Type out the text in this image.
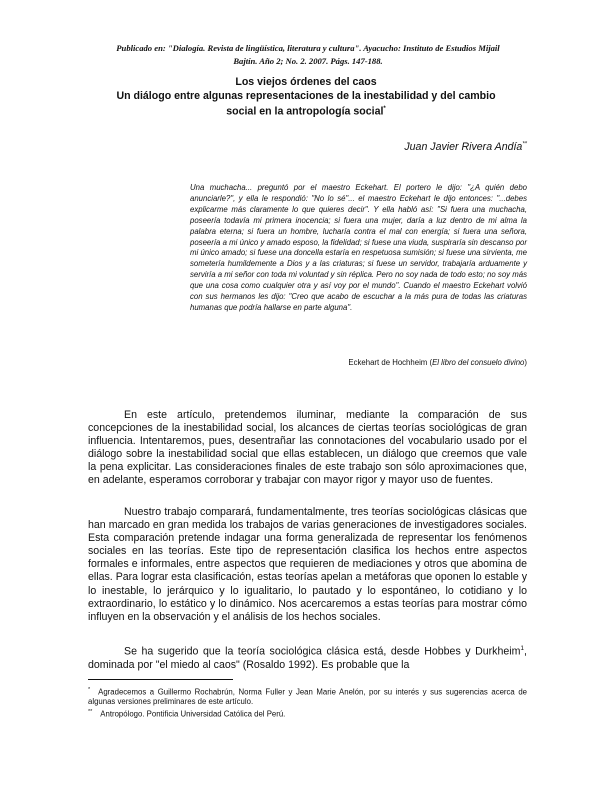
Publicado en: "Dialogía. Revista de lingüística, literatura y cultura". Ayacucho: Instituto de Estudios Mijail
Bajtín. Año 2; No. 2. 2007. Págs. 147-188.
Los viejos órdenes del caos
Un diálogo entre algunas representaciones de la inestabilidad y del cambio
social en la antropología social*
Juan Javier Rivera Andía**
Una muchacha... preguntó por el maestro Eckehart. El portero le dijo: "¿A quién debo anunciarle?", y ella le respondió: "No lo sé"... el maestro Eckehart le dijo entonces: "...debes explicarme más claramente lo que quieres decir". Y ella habló así: "Si fuera una muchacha, poseería todavía mi primera inocencia; si fuera una mujer, daría a luz dentro de mi alma la palabra eterna; si fuera un hombre, lucharía contra el mal con energía; si fuera una señora, poseería a mi único y amado esposo, la fidelidad; si fuese una viuda, suspiraría sin descanso por mi único amado; si fuese una doncella estaría en respetuosa sumisión; si fuese una sirvienta, me sometería humildemente a Dios y a las criaturas; si fuese un servidor, trabajaría arduamente y serviría a mi señor con toda mi voluntad y sin réplica. Pero no soy nada de todo esto; no soy más que una cosa como cualquier otra y así voy por el mundo". Cuando el maestro Eckehart volvió con sus hermanos les dijo: "Creo que acabo de escuchar a la más pura de todas las criaturas humanas que podría hallarse en parte alguna".
Eckehart de Hochheim (El libro del consuelo divino)

En este artículo, pretendemos iluminar, mediante la comparación de sus concepciones de la inestabilidad social, los alcances de ciertas teorías sociológicas de gran influencia. Intentaremos, pues, desentrañar las connotaciones del vocabulario usado por el diálogo sobre la inestabilidad social que ellas establecen, un diálogo que creemos que vale la pena explicitar. Las consideraciones finales de este trabajo son sólo aproximaciones que, en adelante, esperamos corroborar y trabajar con mayor rigor y mayor uso de fuentes.

Nuestro trabajo comparará, fundamentalmente, tres teorías sociológicas clásicas que han marcado en gran medida los trabajos de varias generaciones de investigadores sociales. Esta comparación pretende indagar una forma generalizada de representar los fenómenos sociales en las teorías. Este tipo de representación clasifica los hechos entre aspectos formales e informales, entre aspectos que requieren de mediaciones y otros que abomina de ellas. Para lograr esta clasificación, estas teorías apelan a metáforas que oponen lo estable y lo inestable, lo jerárquico y lo igualitario, lo pautado y lo espontáneo, lo cotidiano y lo extraordinario, lo estático y lo dinámico. Nos acercaremos a estas teorías para mostrar cómo influyen en la observación y el análisis de los hechos sociales.

Se ha sugerido que la teoría sociológica clásica está, desde Hobbes y Durkheim$^1$, dominada por "el miedo al caos" (Rosaldo 1992). Es probable que la

* Agradecemos a Guillermo Rochabrún, Norma Fuller y Jean Marie Anelón, por su interés y sus sugerencias acerca de algunas versiones preliminares de este artículo.
** Antropólogo. Pontificia Universidad Católica del Perú.
